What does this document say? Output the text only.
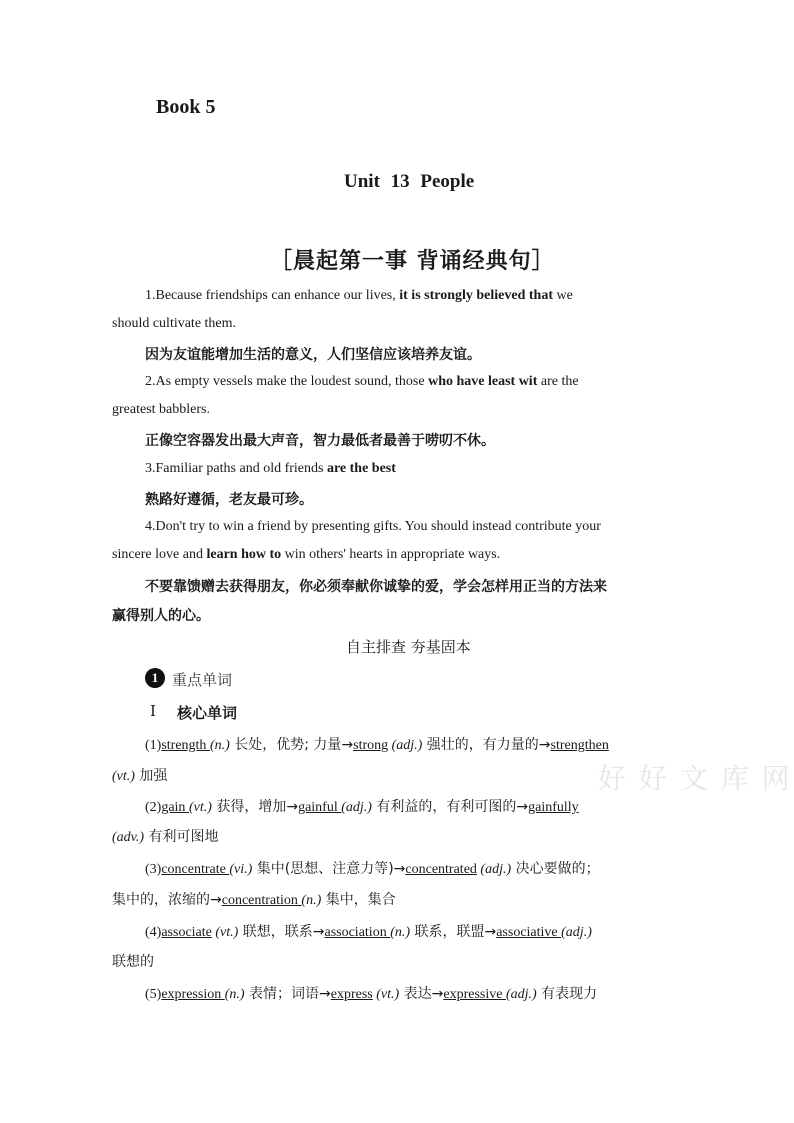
Book 5
Unit 13 People
［晨起第一事 背诵经典句］
1.Because friendships can enhance our lives, it is strongly believed that we
should cultivate them.
因为友谊能增加生活的意义，人们坚信应该培养友谊。
2.As empty vessels make the loudest sound, those who have least wit are the
greatest babblers.
正像空容器发出最大声音，智力最低者最善于唠叨不休。
3.Familiar paths and old friends are the best
熟路好遵循，老友最可珍。
4.Don't try to win a friend by presenting gifts. You should instead contribute your
sincere love and learn how to win others' hearts in appropriate ways.
不要靠馈赠去获得朋友，你必须奉献你诚挚的爱，学会怎样用正当的方法来
赢得别人的心。
自主排查 夯基固本
1 重点单词
Ⅰ 核心单词
好 好 文 库 网
(1)strength (n.) 长处，优势; 力量→strong (adj.) 强壮的，有力量的→strengthen
(vt.) 加强
(2)gain (vt.) 获得，增加→gainful (adj.) 有利益的，有利可图的→gainfully
(adv.) 有利可图地
(3)concentrate (vi.) 集中(思想、注意力等)→concentrated (adj.) 决心要做的；
集中的，浓缩的→concentration (n.) 集中，集合
(4)associate (vt.) 联想，联系→association (n.) 联系，联盟→associative (adj.)
联想的
(5)expression (n.) 表情；词语→express (vt.) 表达→expressive (adj.) 有表现力
